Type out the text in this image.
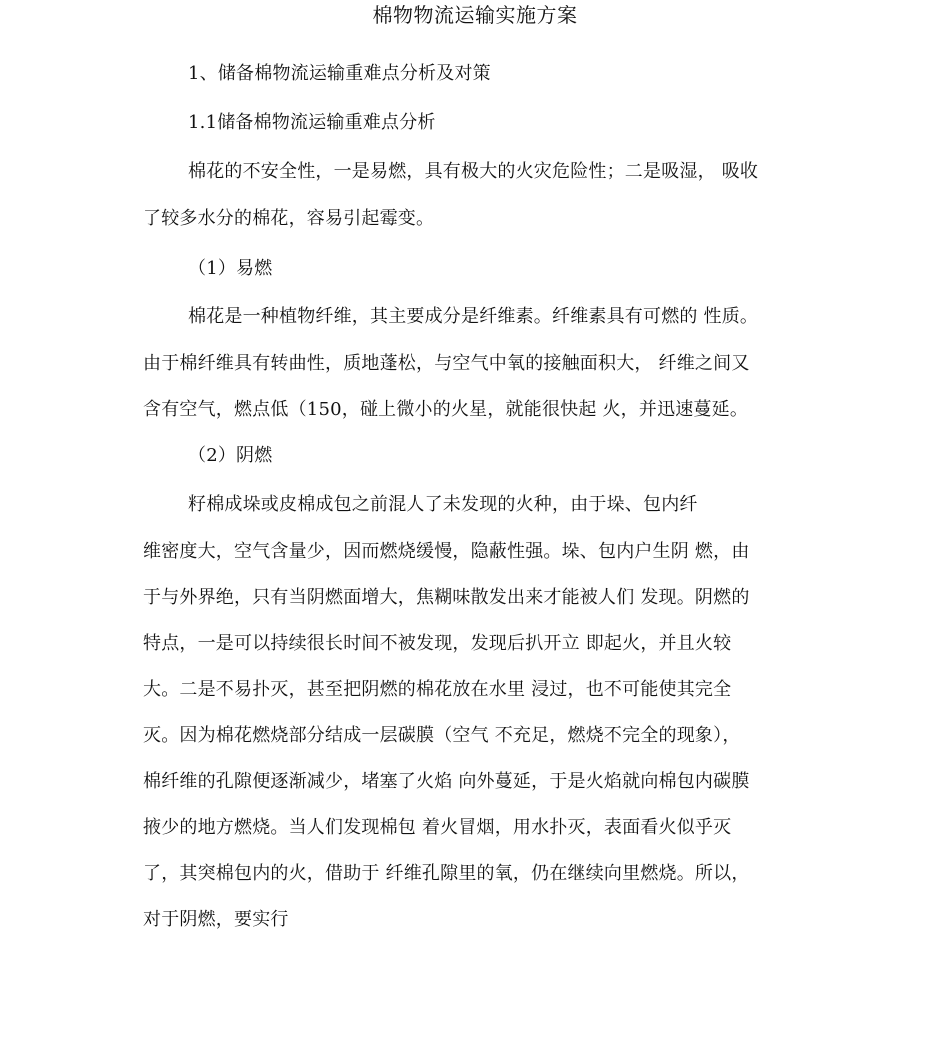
棉物物流运输实施方案
1、储备棉物流运输重难点分析及对策
1.1储备棉物流运输重难点分析
棉花的不安全性，一是易燃，具有极大的火灾危险性；二是吸湿， 吸收
了较多水分的棉花，容易引起霉变。
（1）易燃
棉花是一种植物纤维，其主要成分是纤维素。纤维素具有可燃的 性质。
由于棉纤维具有转曲性，质地蓬松，与空气中氧的接触面积大， 纤维之间又
含有空气，燃点低（150，碰上微小的火星，就能很快起 火，并迅速蔓延。
（2）阴燃
籽棉成垛或皮棉成包之前混人了未发现的火种，由于垛、包内纤
维密度大，空气含量少，因而燃烧缓慢，隐蔽性强。垛、包内户生阴 燃，由
于与外界绝，只有当阴燃面增大，焦糊味散发出来才能被人们 发现。阴燃的
特点，一是可以持续很长时间不被发现，发现后扒开立 即起火，并且火较
大。二是不易扑灭，甚至把阴燃的棉花放在水里 浸过，也不可能使其完全
灭。因为棉花燃烧部分结成一层碳膜（空气 不充足，燃烧不完全的现象），
棉纤维的孔隙便逐渐减少，堵塞了火焰 向外蔓延，于是火焰就向棉包内碳膜
掖少的地方燃烧。当人们发现棉包 着火冒烟，用水扑灭，表面看火似乎灭
了，其突棉包内的火，借助于 纤维孔隙里的氧，仍在继续向里燃烧。所以，
对于阴燃，要实行
